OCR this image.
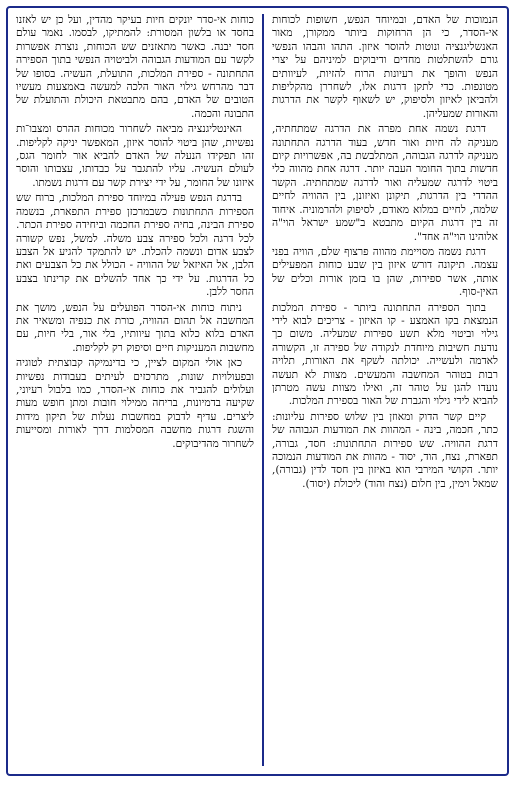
הנמוכות של האדם, ובמיוחד הנפש, חשופות לכוחות אי-הסדר, כי הן הרחוקות ביותר ממקורן, מאור האנשליגנציה ונוטות להוסר איזון. התהו והבהו הנפשי גורם להשתלטות מחדים ודיבוקים למיניהם על יצרי הנפש והופך את רעיונות הרוח להזיות, לעיוותים מטונפות. כדי לתקן דרגות אלו, לשחררן מהקליפות ולהביאן לאיזון ולסיפוק, יש לשאוף לקשר את הדרגות והאורות שמעליהן.

דרגת נשמה אחת מפרה את הדרגה שמתחתיה, מעניקה לה חיות ואור חדש, בעוד הדרגה התחתונה מעניקה לדרגה הגבוהה, המתלבשת בה, אפשרויות קיום חדשות בתוך החומר העבה יותר. דרגה אחת מהווה כלי ביטוי לדרגה שמעליה ואור לדרגה שמתחתיה. הקשר ההדדי בין הדרגות, תיקונן ואיזונן, בין ההוויה לחיים שלמה, לחיים במלוא מאודם, לסיפוק ולהרמוניה. איחוד זה בין דרגות הקיום מתבטא ב"שמע ישראל הוי"ה אלוהינו הוי"ה אחד".

דרגת נשמה מסויימת מהווה פרצוף שלם, הוויה בפני עצמה. תיקונה דורש איזון בין שבע כוחות המפעילים אותה, אשר ספירות, שהן בו בזמן אורות וכלים של האין-סוף.

בתוך הספירה התחתונה ביותר - ספירת המלכות הנמצאת בקו האמצע - קו האיזון - צריכים לבוא לידי גילוי וביטוי מלא תשע ספירות שמעליה. משום כך נודעת חשיבות מיוחדת לנקודה של ספירה זו, הקשורה לאדמה ולעשייה. יכולתה לשקף את האורות, תלויה רבות בטוהר המחשבה והמעשים. מצוות לא תעשה נועדו להגן על טוהר זה, ואילו מצוות עשה מטרתן להביא לידי גילוי והגברת של האור בספירת המלכות.

קיים קשר הדוק ומאוזן בין שלוש ספירות עליונות: כתר, חכמה, בינה - המהוות את המודעות הגבוהה של דרגת ההוויה. שש ספירות התחתונות: חסד, גבורה, תפארת, נצח, הוד, יסוד - מהוות את המודעות הנמוכה יותר. הקושי המירבי הוא באיזון בין חסד לדין (גבורה), שמאל וימין, בין חלום (נצח והוד) ליכולת (יסוד).

כוחות אי-סדר יונקים חיות בעיקר מהדין, ועל כן יש לאזנו בחסד או בלשון המסורת: להמתיקו, לבסמו. נאמר עולם חסד יבנה. כאשר מתאזנים שש הכוחות, נוצרת אפשרות לקשר עם המודעות הגבוהה ולביטויה הנפשי בתוך הספירה התחתונה - ספירת המלכות, התועלת, העשיה. בסופו של דבר מהרחש גילוי האור הלכה למעשה באמצעות מעשיו הטובים של האדם, בהם מתבטאת היכולת והתועלת של התבונה והכמה.

האינטליגנציה מביאה לשחרור מכוחות ההרס ומצבו־ות נפשיות, שהן ביטוי להוסר איזון, המאפשר יניקה לקליפות. זהו תפקידו הנעלה של האדם להביא אור לחומר הגס, לעולם העשיה. עליו להתגבר על כבדותו, עצבותו והוסר איזונו של החומר, על ידי יצירת קשר עם דרגות נשמתו.

בדרגת הנפש פעילה במיוחד ספירת המלכות, ברוח שש הספירות התחתונות כשבמרכזן ספירת התפארת, בנשמה ספירת הבינה, בחיה ספירת החכמה וביחידה ספירת הכתר. לכל דרגה ולכל ספירה צבע משלה. למשל, נפש קשורה לצבע אדום ונשמה להכלת. יש להתמקד להגיע אל הצבע הלבן, אל האיזאל של ההוויה - הכולל את כל הצבעים ואת כל הדרגות. על ידי כך אחד להשלים את קרינתו בצבע החסר ללבן.

ניתוח כוחות אי-הסדר הפועלים על הנפש, מושך את המחשבה אל תהום ההוויה, כורת את כנפיה ומשאיר את האדם בלוא כלוא בתוך עיוותיו, בלי אור, בלי חיות, עם מחשבות המעניקות חיים וסיפוק רק לקליפות.

כאן אולי המקום לציין, כי בדינמיקה קבוצתית לטוגיה ובפעולויות שונות, מתרכזים לעיתים בעבודות נפשיות ועלולים להגביר את כוחות אי-הסדר, כמו בלבול רעיוני, שקיעה בדמיונות, בריחה ממילוי חובות ומתן חופש מעות ליצרים. עדיף לדבוק במחשבות נעלות של תיקון מידות והשגת דרגות מחשבה המסלמות דרך לאורות ומסייעות לשחרור מהדיבוקים.
